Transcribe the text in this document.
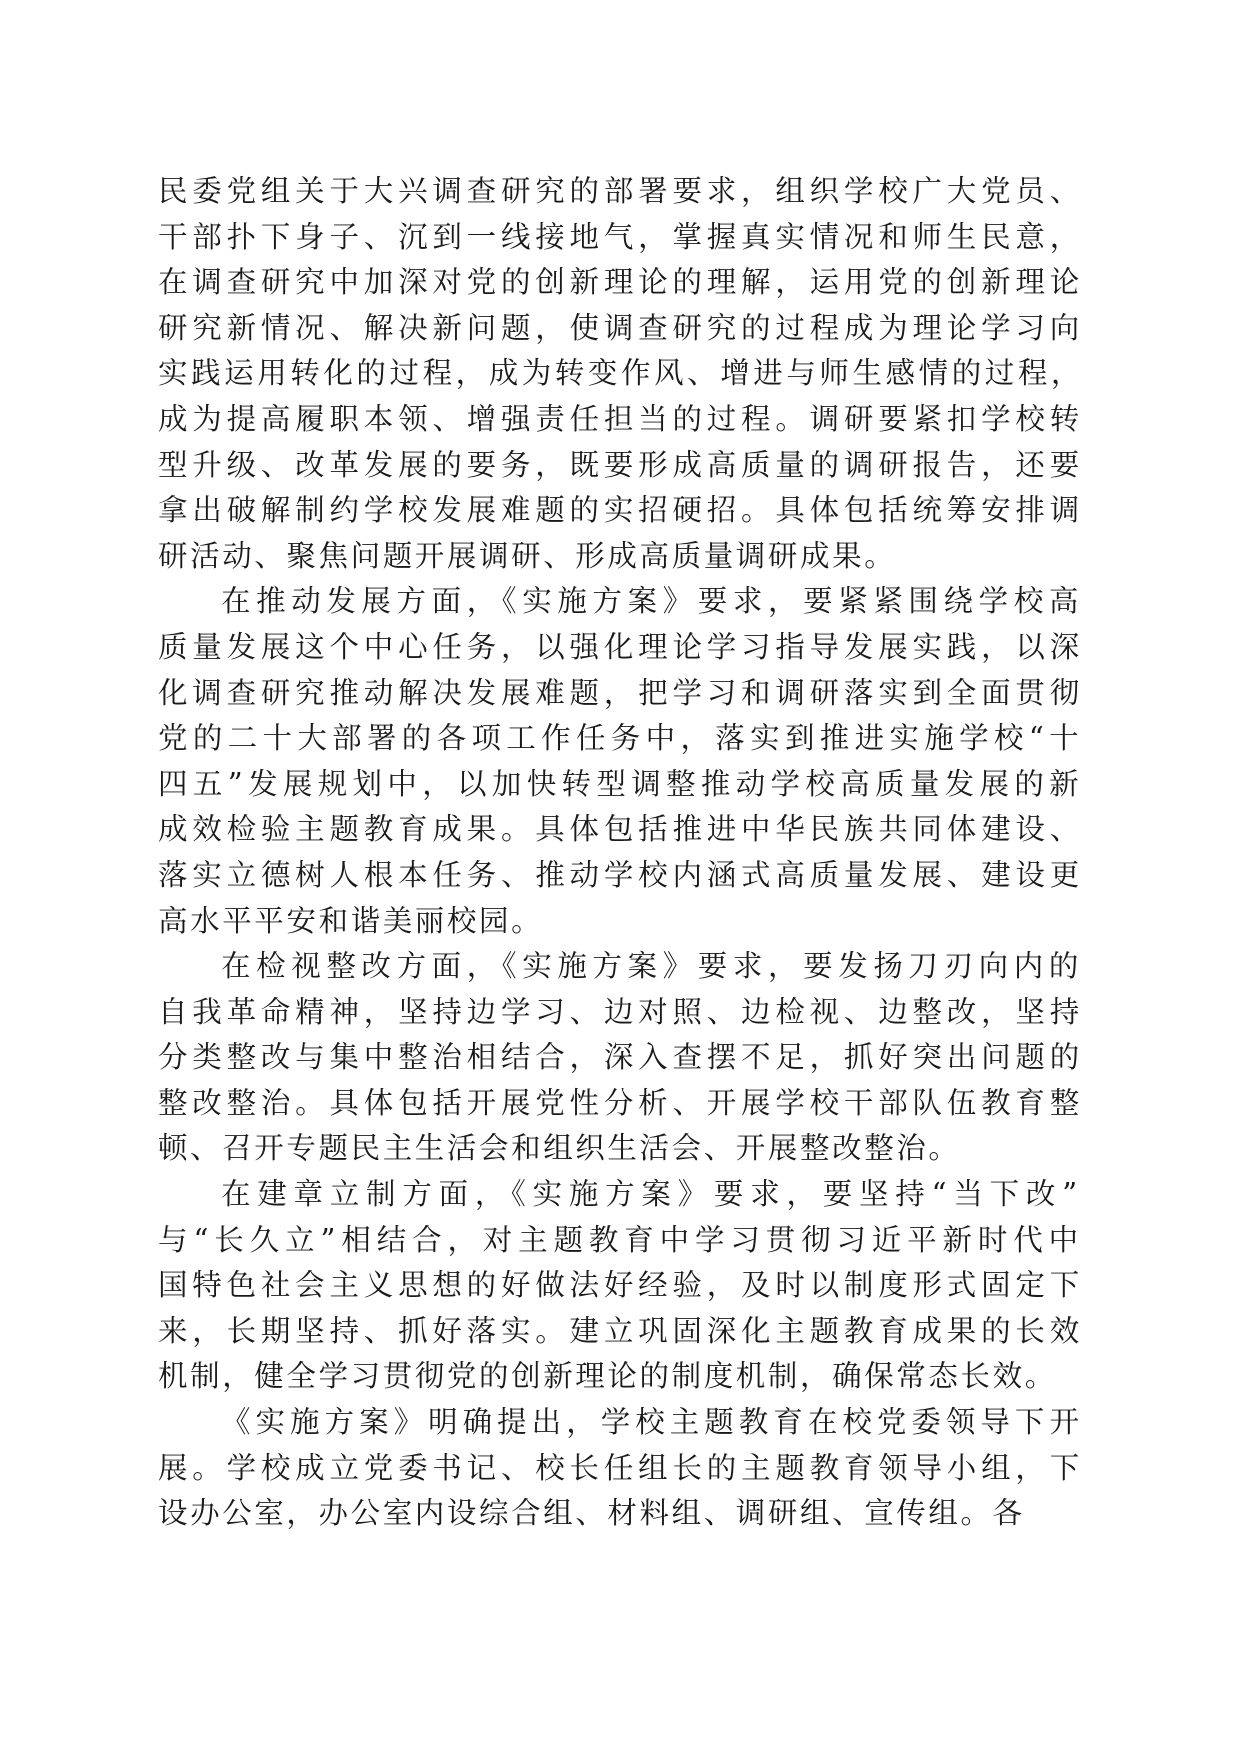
民委党组关于大兴调查研究的部署要求，组织学校广大党员、
干部扑下身子、沉到一线接地气，掌握真实情况和师生民意，
在调查研究中加深对党的创新理论的理解，运用党的创新理论
研究新情况、解决新问题，使调查研究的过程成为理论学习向
实践运用转化的过程，成为转变作风、增进与师生感情的过程，
成为提高履职本领、增强责任担当的过程。调研要紧扣学校转
型升级、改革发展的要务，既要形成高质量的调研报告，还要
拿出破解制约学校发展难题的实招硬招。具体包括统筹安排调
研活动、聚焦问题开展调研、形成高质量调研成果。
在推动发展方面，《实施方案》要求，要紧紧围绕学校高
质量发展这个中心任务，以强化理论学习指导发展实践，以深
化调查研究推动解决发展难题，把学习和调研落实到全面贯彻
党的二十大部署的各项工作任务中，落实到推进实施学校“十
四五”发展规划中，以加快转型调整推动学校高质量发展的新
成效检验主题教育成果。具体包括推进中华民族共同体建设、
落实立德树人根本任务、推动学校内涵式高质量发展、建设更
高水平平安和谐美丽校园。
在检视整改方面，《实施方案》要求，要发扬刀刃向内的
自我革命精神，坚持边学习、边对照、边检视、边整改，坚持
分类整改与集中整治相结合，深入查摆不足，抓好突出问题的
整改整治。具体包括开展党性分析、开展学校干部队伍教育整
顿、召开专题民主生活会和组织生活会、开展整改整治。
在建章立制方面，《实施方案》要求，要坚持“当下改”
与“长久立”相结合，对主题教育中学习贯彻习近平新时代中
国特色社会主义思想的好做法好经验，及时以制度形式固定下
来，长期坚持、抓好落实。建立巩固深化主题教育成果的长效
机制，健全学习贯彻党的创新理论的制度机制，确保常态长效。
《实施方案》明确提出，学校主题教育在校党委领导下开
展。学校成立党委书记、校长任组长的主题教育领导小组，下
设办公室，办公室内设综合组、材料组、调研组、宣传组。各
